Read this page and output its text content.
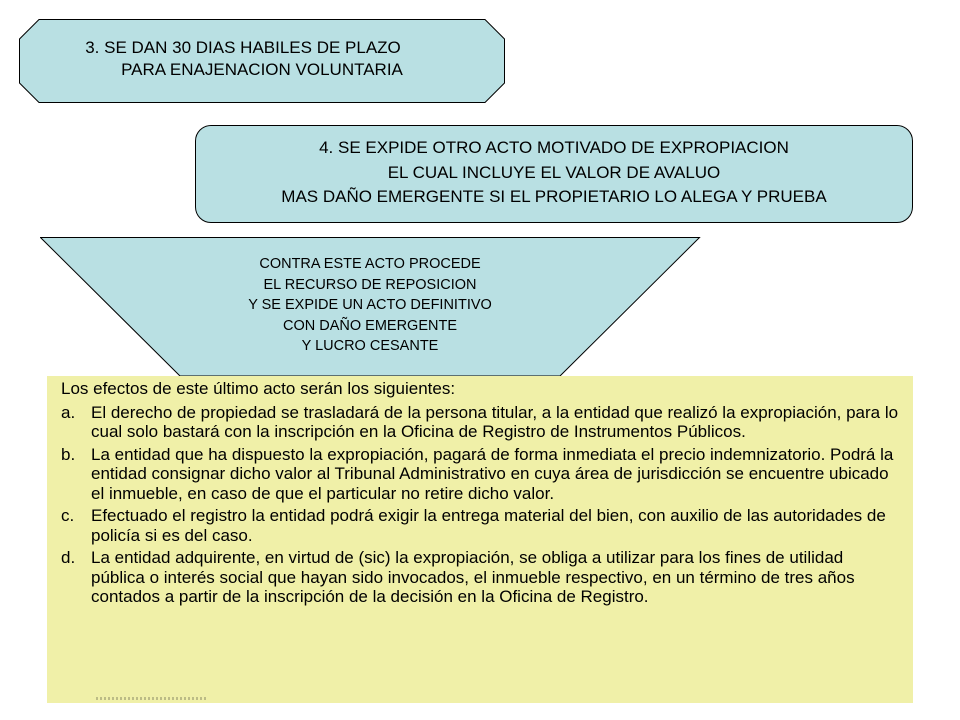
3. SE DAN 30 DIAS HABILES DE PLAZO
PARA ENAJENACION VOLUNTARIA
4. SE EXPIDE OTRO ACTO MOTIVADO DE EXPROPIACION
EL CUAL INCLUYE EL VALOR DE AVALUO
MAS DAÑO EMERGENTE SI EL PROPIETARIO LO ALEGA Y PRUEBA
CONTRA ESTE ACTO PROCEDE
EL RECURSO DE REPOSICION
Y SE EXPIDE UN ACTO DEFINITIVO
CON DAÑO EMERGENTE
Y LUCRO CESANTE
Los efectos de este último acto serán los siguientes:
a. El derecho de propiedad se trasladará de la persona titular, a la entidad que realizó la expropiación, para lo cual solo bastará con la inscripción en la Oficina de Registro de Instrumentos Públicos.
b. La entidad que ha dispuesto la expropiación, pagará de forma inmediata el precio indemnizatorio. Podrá la entidad consignar dicho valor al Tribunal Administrativo en cuya área de jurisdicción se encuentre ubicado el inmueble, en caso de que el particular no retire dicho valor.
c. Efectuado el registro la entidad podrá exigir la entrega material del bien, con auxilio de las autoridades de policía si es del caso.
d. La entidad adquirente, en virtud de (sic) la expropiación, se obliga a utilizar para los fines de utilidad pública o interés social que hayan sido invocados, el inmueble respectivo, en un término de tres años contados a partir de la inscripción de la decisión en la Oficina de Registro.
